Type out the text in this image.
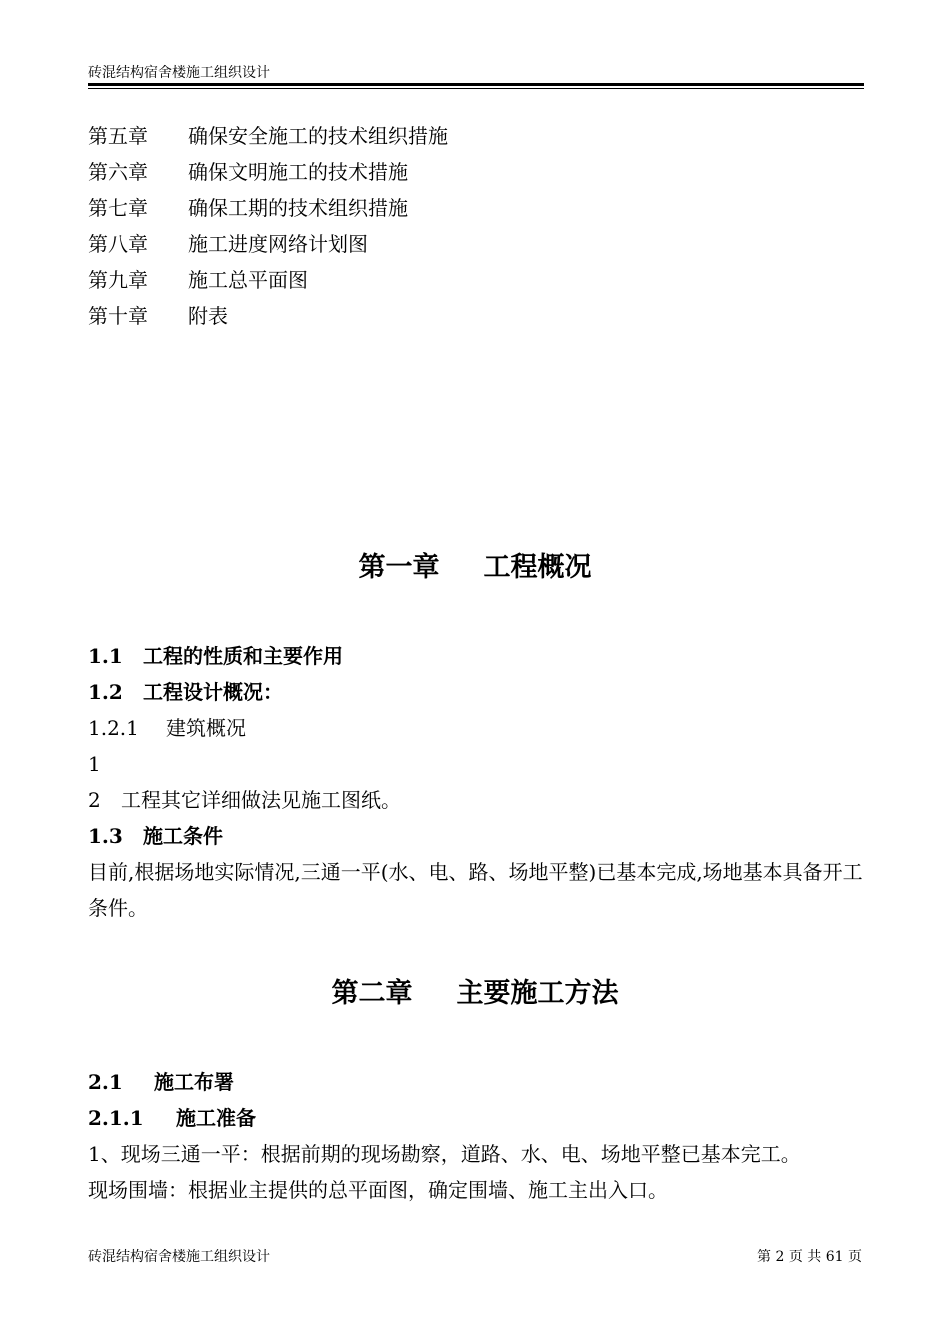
砖混结构宿舍楼施工组织设计
第五章 确保安全施工的技术组织措施
第六章 确保文明施工的技术措施
第七章 确保工期的技术组织措施
第八章 施工进度网络计划图
第九章 施工总平面图
第十章 附表
第一章 工程概况
1.1 工程的性质和主要作用
1.2 工程设计概况：
1.2.1 建筑概况
1
2 工程其它详细做法见施工图纸。
1.3 施工条件
目前,根据场地实际情况,三通一平(水、电、路、场地平整)已基本完成,场地基本具备开工条件。
第二章 主要施工方法
2.1 施工布署
2.1.1 施工准备
1、现场三通一平：根据前期的现场勘察，道路、水、电、场地平整已基本完工。
现场围墙：根据业主提供的总平面图，确定围墙、施工主出入口。
砖混结构宿舍楼施工组织设计	第 2 页 共 61 页
